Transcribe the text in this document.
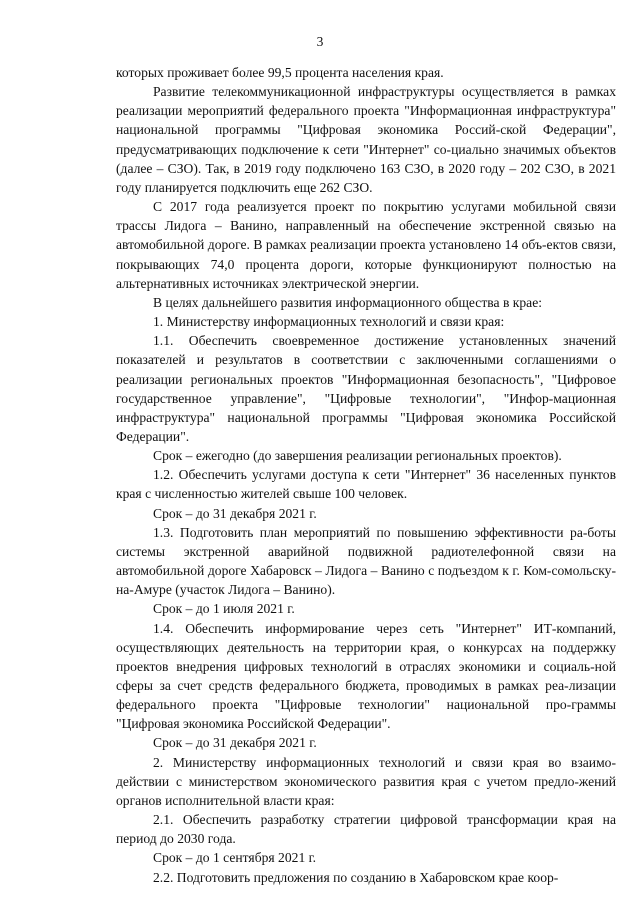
3

которых проживает более 99,5 процента населения края.

Развитие телекоммуникационной инфраструктуры осуществляется в рамках реализации мероприятий федерального проекта "Информационная инфраструктура" национальной программы "Цифровая экономика Россий-ской Федерации", предусматривающих подключение к сети "Интернет" со-циально значимых объектов (далее – СЗО). Так, в 2019 году подключено 163 СЗО, в 2020 году – 202 СЗО, в 2021 году планируется подключить еще 262 СЗО.

С 2017 года реализуется проект по покрытию услугами мобильной связи трассы Лидога – Ванино, направленный на обеспечение экстренной связью на автомобильной дороге. В рамках реализации проекта установлено 14 объ-ектов связи, покрывающих 74,0 процента дороги, которые функционируют полностью на альтернативных источниках электрической энергии.

В целях дальнейшего развития информационного общества в крае:

1. Министерству информационных технологий и связи края:

1.1. Обеспечить своевременное достижение установленных значений показателей и результатов в соответствии с заключенными соглашениями о реализации региональных проектов "Информационная безопасность", "Цифровое государственное управление", "Цифровые технологии", "Инфор-мационная инфраструктура" национальной программы "Цифровая экономика Российской Федерации".

Срок – ежегодно (до завершения реализации региональных проектов).

1.2. Обеспечить услугами доступа к сети "Интернет" 36 населенных пунктов края с численностью жителей свыше 100 человек.

Срок – до 31 декабря 2021 г.

1.3. Подготовить план мероприятий по повышению эффективности ра-боты системы экстренной аварийной подвижной радиотелефонной связи на автомобильной дороге Хабаровск – Лидога – Ванино с подъездом к г. Ком-сомольску-на-Амуре (участок Лидога – Ванино).

Срок – до 1 июля 2021 г.

1.4. Обеспечить информирование через сеть "Интернет" ИТ-компаний, осуществляющих деятельность на территории края, о конкурсах на поддержку проектов внедрения цифровых технологий в отраслях экономики и социаль-ной сферы за счет средств федерального бюджета, проводимых в рамках реа-лизации федерального проекта "Цифровые технологии" национальной про-граммы "Цифровая экономика Российской Федерации".

Срок – до 31 декабря 2021 г.

2. Министерству информационных технологий и связи края во взаимо-действии с министерством экономического развития края с учетом предло-жений органов исполнительной власти края:

2.1. Обеспечить разработку стратегии цифровой трансформации края на период до 2030 года.

Срок – до 1 сентября 2021 г.

2.2. Подготовить предложения по созданию в Хабаровском крае коор-
